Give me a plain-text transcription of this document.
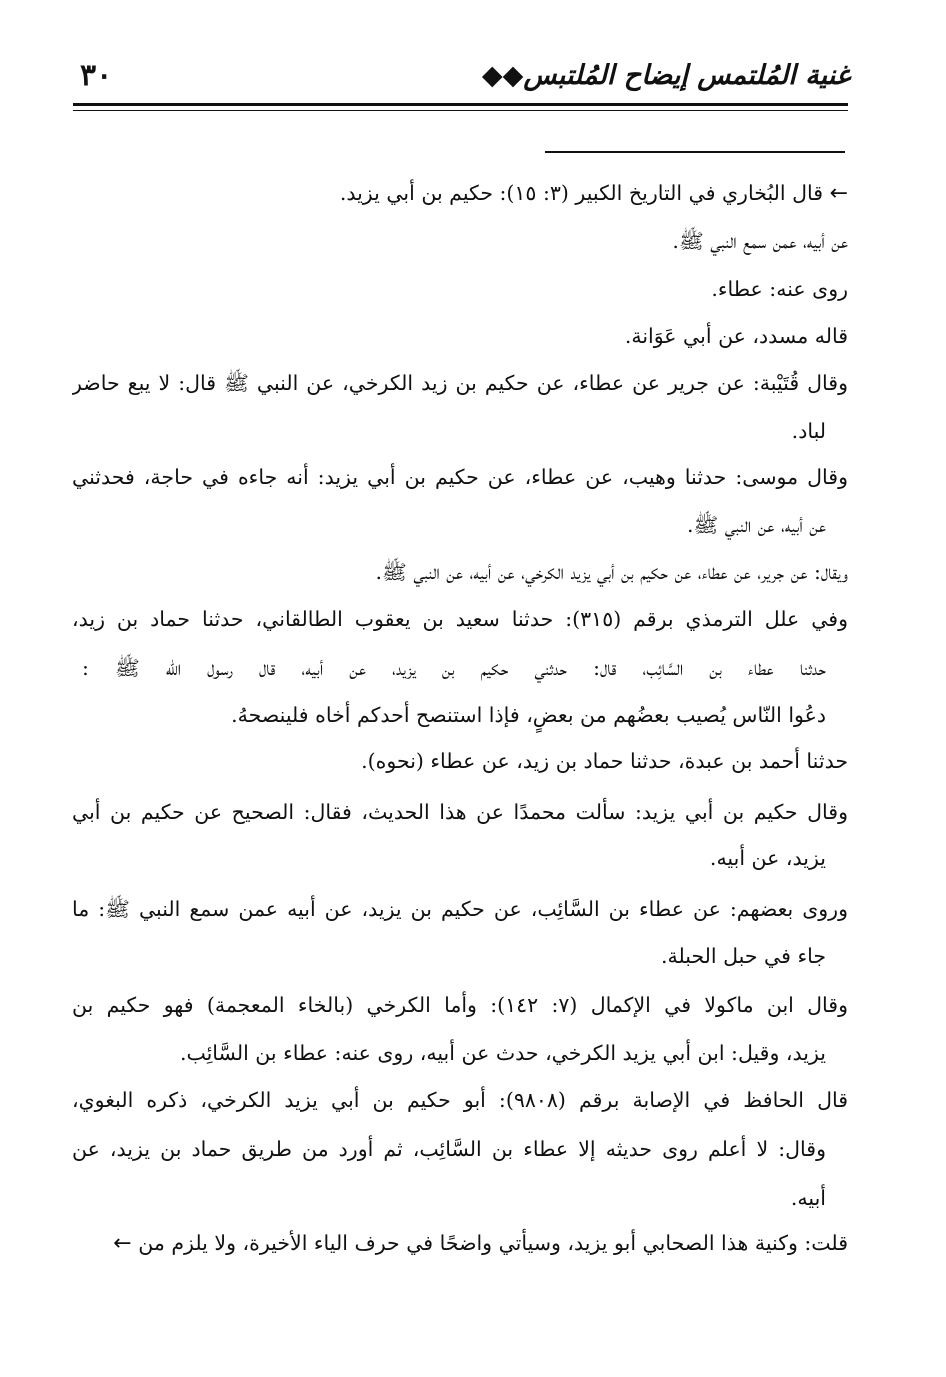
٣٠	غنية المُلتمس إيضاح المُلتبس◆◆
← قال البُخاري في التاريخ الكبير (٣: ١٥): حكيم بن أبي يزيد.
عن أبيه، عمن سمع النبي ﷺ.
روى عنه: عطاء.
قاله مسدد، عن أبي عَوَانة.
وقال قُتَيْبة: عن جرير عن عطاء، عن حكيم بن زيد الكرخي، عن النبي ﷺ قال: لا يبع حاضر
لباد.
وقال موسى: حدثنا وهيب، عن عطاء، عن حكيم بن أبي يزيد: أنه جاءه في حاجة، فحدثني
عن أبيه، عن النبي ﷺ.
ويقال: عن جرير، عن عطاء، عن حكيم بن أبي يزيد الكرخي، عن أبيه، عن النبي ﷺ.
وفي علل الترمذي برقم (٣١٥): حدثنا سعيد بن يعقوب الطالقاني، حدثنا حماد بن زيد،
حدثنا عطاء بن السَّائِب، قال: حدثني حكيم بن يزيد، عن أبيه، قال رسول الله ﷺ :
دعُوا النّاس يُصيب بعضُهم من بعضٍ، فإذا استنصح أحدكم أخاه فلينصحهُ.
حدثنا أحمد بن عبدة، حدثنا حماد بن زيد، عن عطاء (نحوه).
وقال حكيم بن أبي يزيد: سألت محمدًا عن هذا الحديث، فقال: الصحيح عن حكيم بن أبي
يزيد، عن أبيه.
وروى بعضهم: عن عطاء بن السَّائِب، عن حكيم بن يزيد، عن أبيه عمن سمع النبي ﷺ: ما
جاء في حبل الحبلة.
وقال ابن ماكولا في الإكمال (٧: ١٤٢): وأما الكرخي (بالخاء المعجمة) فهو حكيم بن
يزيد، وقيل: ابن أبي يزيد الكرخي، حدث عن أبيه، روى عنه: عطاء بن السَّائِب.
قال الحافظ في الإصابة برقم (٩٨٠٨): أبو حكيم بن أبي يزيد الكرخي، ذكره البغوي،
وقال: لا أعلم روى حديثه إلا عطاء بن السَّائِب، ثم أورد من طريق حماد بن يزيد، عن
أبيه.
قلت: وكنية هذا الصحابي أبو يزيد، وسيأتي واضحًا في حرف الياء الأخيرة، ولا يلزم من ←
